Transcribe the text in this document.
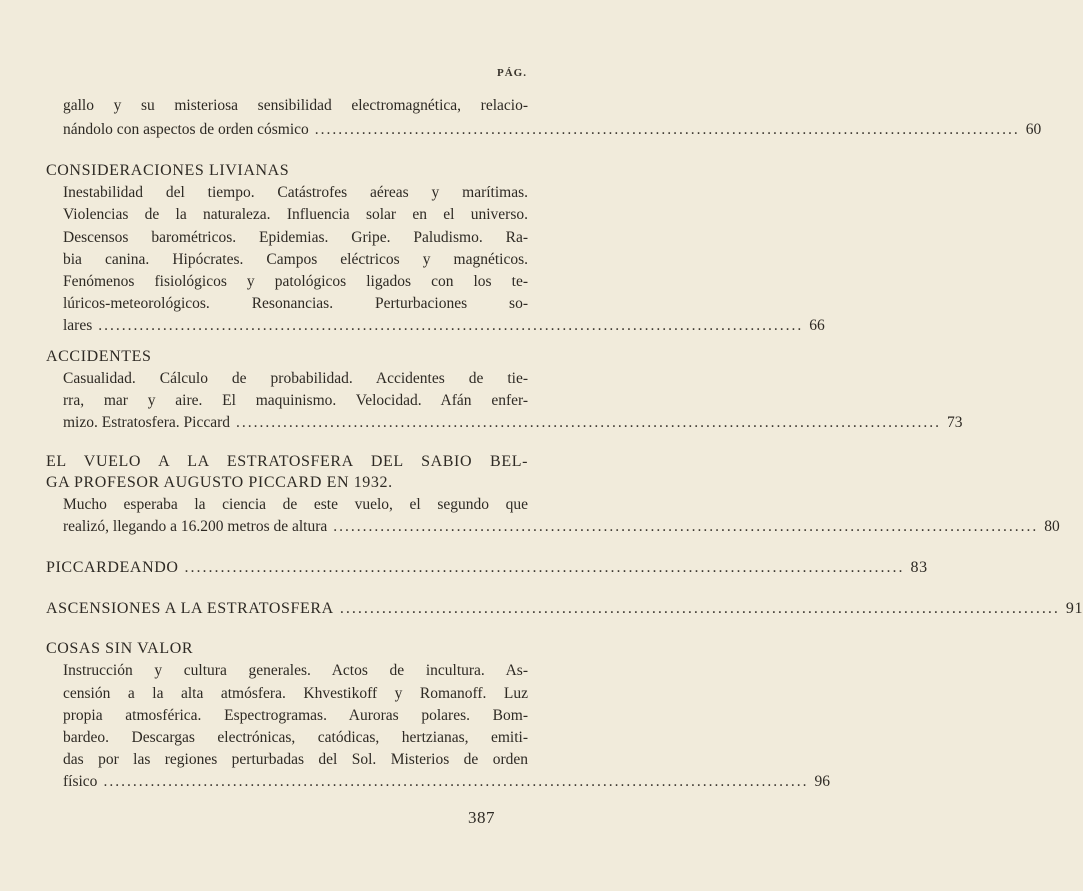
PÁG.
gallo y su misteriosa sensibilidad electromagnética, relacio-
nándolo con aspectos de orden cósmico ........................................................................................................................ 60
CONSIDERACIONES LIVIANAS
Inestabilidad del tiempo. Catástrofes aéreas y marítimas.
Violencias de la naturaleza. Influencia solar en el universo.
Descensos barométricos. Epidemias. Gripe. Paludismo. Ra-
bia canina. Hipócrates. Campos eléctricos y magnéticos.
Fenómenos fisiológicos y patológicos ligados con los te-
lúricos-meteorológicos. Resonancias. Perturbaciones so-
lares ........................................................................................................................ 66
ACCIDENTES
Casualidad. Cálculo de probabilidad. Accidentes de tie-
rra, mar y aire. El maquinismo. Velocidad. Afán enfer-
mizo. Estratosfera. Piccard ........................................................................................................................ 73
EL VUELO A LA ESTRATOSFERA DEL SABIO BEL-
GA PROFESOR AUGUSTO PICCARD EN 1932.
Mucho esperaba la ciencia de este vuelo, el segundo que
realizó, llegando a 16.200 metros de altura ........................................................................................................................ 80
PICCARDEANDO ........................................................................................................................ 83
ASCENSIONES A LA ESTRATOSFERA ........................................................................................................................ 91
COSAS SIN VALOR
Instrucción y cultura generales. Actos de incultura. As-
censión a la alta atmósfera. Khvestikoff y Romanoff. Luz
propia atmosférica. Espectrogramas. Auroras polares. Bom-
bardeo. Descargas electrónicas, catódicas, hertzianas, emiti-
das por las regiones perturbadas del Sol. Misterios de orden
físico ........................................................................................................................ 96
387
